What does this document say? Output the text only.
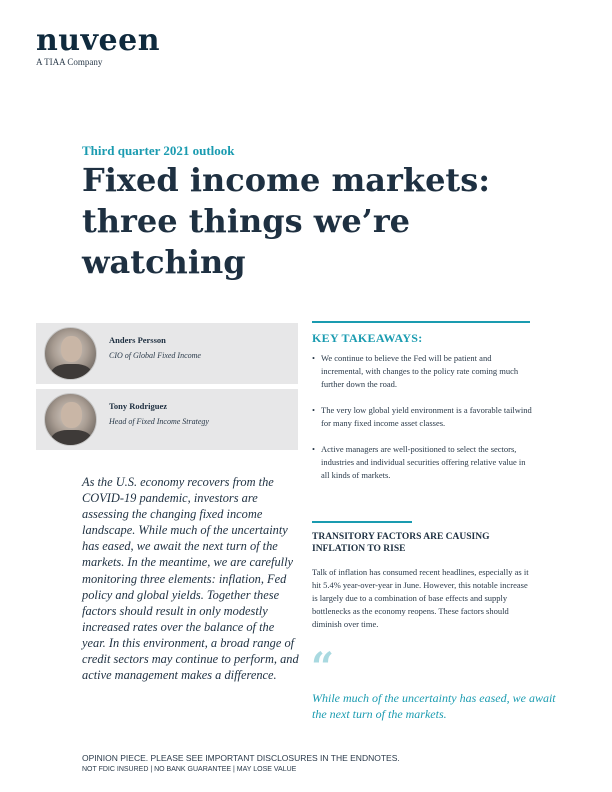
nuveen
A TIAA Company
Third quarter 2021 outlook
Fixed income markets: three things we’re watching
Anders Persson
CIO of Global Fixed Income
Tony Rodriguez
Head of Fixed Income Strategy

As the U.S. economy recovers from the COVID-19 pandemic, investors are assessing the changing fixed income landscape. While much of the uncertainty has eased, we await the next turn of the markets. In the meantime, we are carefully monitoring three elements: inflation, Fed policy and global yields. Together these factors should result in only modestly increased rates over the balance of the year. In this environment, a broad range of credit sectors may continue to perform, and active management makes a difference.

KEY TAKEAWAYS:
• We continue to believe the Fed will be patient and incremental, with changes to the policy rate coming much further down the road.
• The very low global yield environment is a favorable tailwind for many fixed income asset classes.
• Active managers are well-positioned to select the sectors, industries and individual securities offering relative value in all kinds of markets.
TRANSITORY FACTORS ARE CAUSING INFLATION TO RISE

Talk of inflation has consumed recent headlines, especially as it hit 5.4% year-over-year in June. However, this notable increase is largely due to a combination of base effects and supply bottlenecks as the economy reopens. These factors should diminish over time.

“

While much of the uncertainty has eased, we await the next turn of the markets.

OPINION PIECE. PLEASE SEE IMPORTANT DISCLOSURES IN THE ENDNOTES.
NOT FDIC INSURED | NO BANK GUARANTEE | MAY LOSE VALUE
